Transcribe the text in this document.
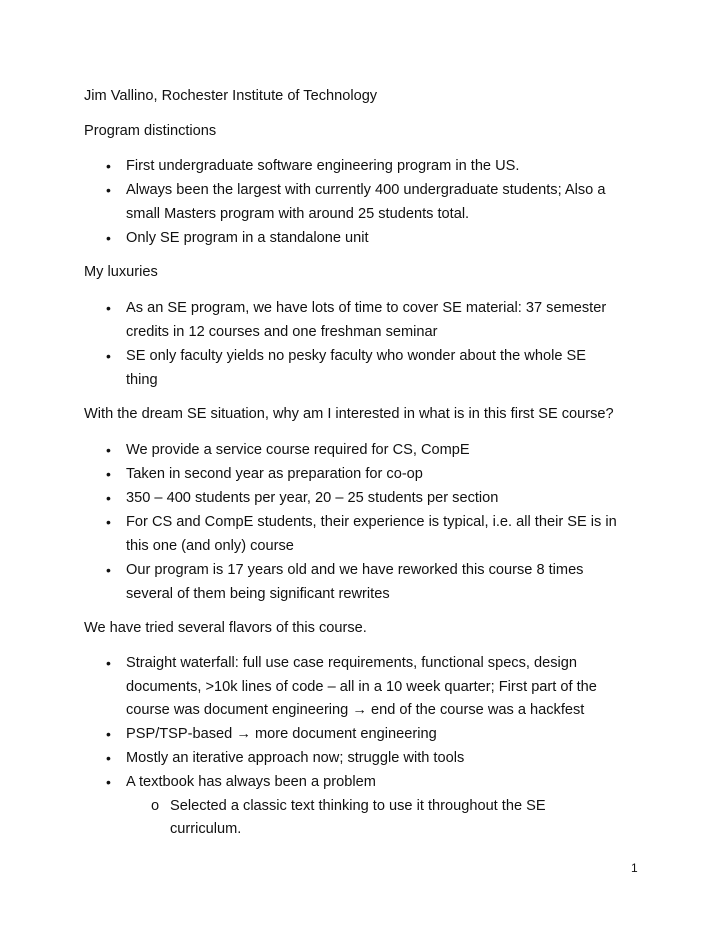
Jim Vallino, Rochester Institute of Technology
Program distinctions
• First undergraduate software engineering program in the US.
• Always been the largest with currently 400 undergraduate students; Also a
small Masters program with around 25 students total.
• Only SE program in a standalone unit
My luxuries
• As an SE program, we have lots of time to cover SE material: 37 semester
credits in 12 courses and one freshman seminar
• SE only faculty yields no pesky faculty who wonder about the whole SE
thing
With the dream SE situation, why am I interested in what is in this first SE course?
• We provide a service course required for CS, CompE
• Taken in second year as preparation for co-op
• 350 – 400 students per year, 20 – 25 students per section
• For CS and CompE students, their experience is typical, i.e. all their SE is in
this one (and only) course
• Our program is 17 years old and we have reworked this course 8 times
several of them being significant rewrites
We have tried several flavors of this course.
• Straight waterfall: full use case requirements, functional specs, design
documents, >10k lines of code – all in a 10 week quarter; First part of the
course was document engineering → end of the course was a hackfest
• PSP/TSP-based → more document engineering
• Mostly an iterative approach now; struggle with tools
• A textbook has always been a problem
o Selected a classic text thinking to use it throughout the SE
curriculum.
1
